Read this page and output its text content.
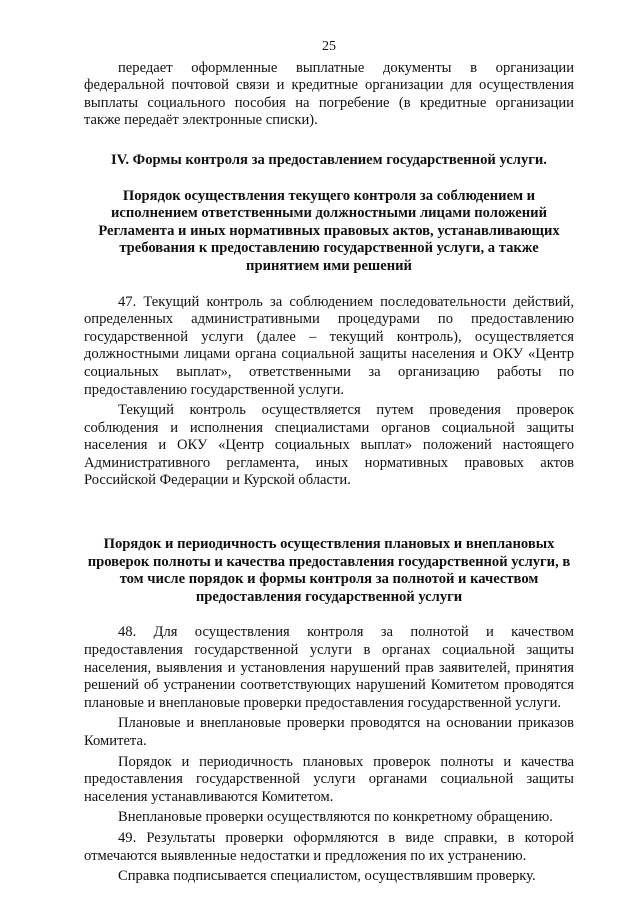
25

передает оформленные выплатные документы в организации федеральной почтовой связи и кредитные организации для осуществления выплаты социального пособия на погребение (в кредитные организации также передаёт электронные списки).

IV. Формы контроля за предоставлением государственной услуги.

Порядок осуществления текущего контроля за соблюдением и исполнением ответственными должностными лицами положений Регламента и иных нормативных правовых актов, устанавливающих требования к предоставлению государственной услуги, а также принятием ими решений

47. Текущий контроль за соблюдением последовательности действий, определенных административными процедурами по предоставлению государственной услуги (далее – текущий контроль), осуществляется должностными лицами органа социальной защиты населения и ОКУ «Центр социальных выплат», ответственными за организацию работы по предоставлению государственной услуги.

Текущий контроль осуществляется путем проведения проверок соблюдения и исполнения специалистами органов социальной защиты населения и ОКУ «Центр социальных выплат» положений настоящего Административного регламента, иных нормативных правовых актов Российской Федерации и Курской области.

Порядок и периодичность осуществления плановых и внеплановых проверок полноты и качества предоставления государственной услуги, в том числе порядок и формы контроля за полнотой и качеством предоставления государственной услуги

48. Для осуществления контроля за полнотой и качеством предоставления государственной услуги в органах социальной защиты населения, выявления и установления нарушений прав заявителей, принятия решений об устранении соответствующих нарушений Комитетом проводятся плановые и внеплановые проверки предоставления государственной услуги.

Плановые и внеплановые проверки проводятся на основании приказов Комитета.

Порядок и периодичность плановых проверок полноты и качества предоставления государственной услуги органами социальной защиты населения устанавливаются Комитетом.

Внеплановые проверки осуществляются по конкретному обращению.

49. Результаты проверки оформляются в виде справки, в которой отмечаются выявленные недостатки и предложения по их устранению.

Справка подписывается специалистом, осуществлявшим проверку.
